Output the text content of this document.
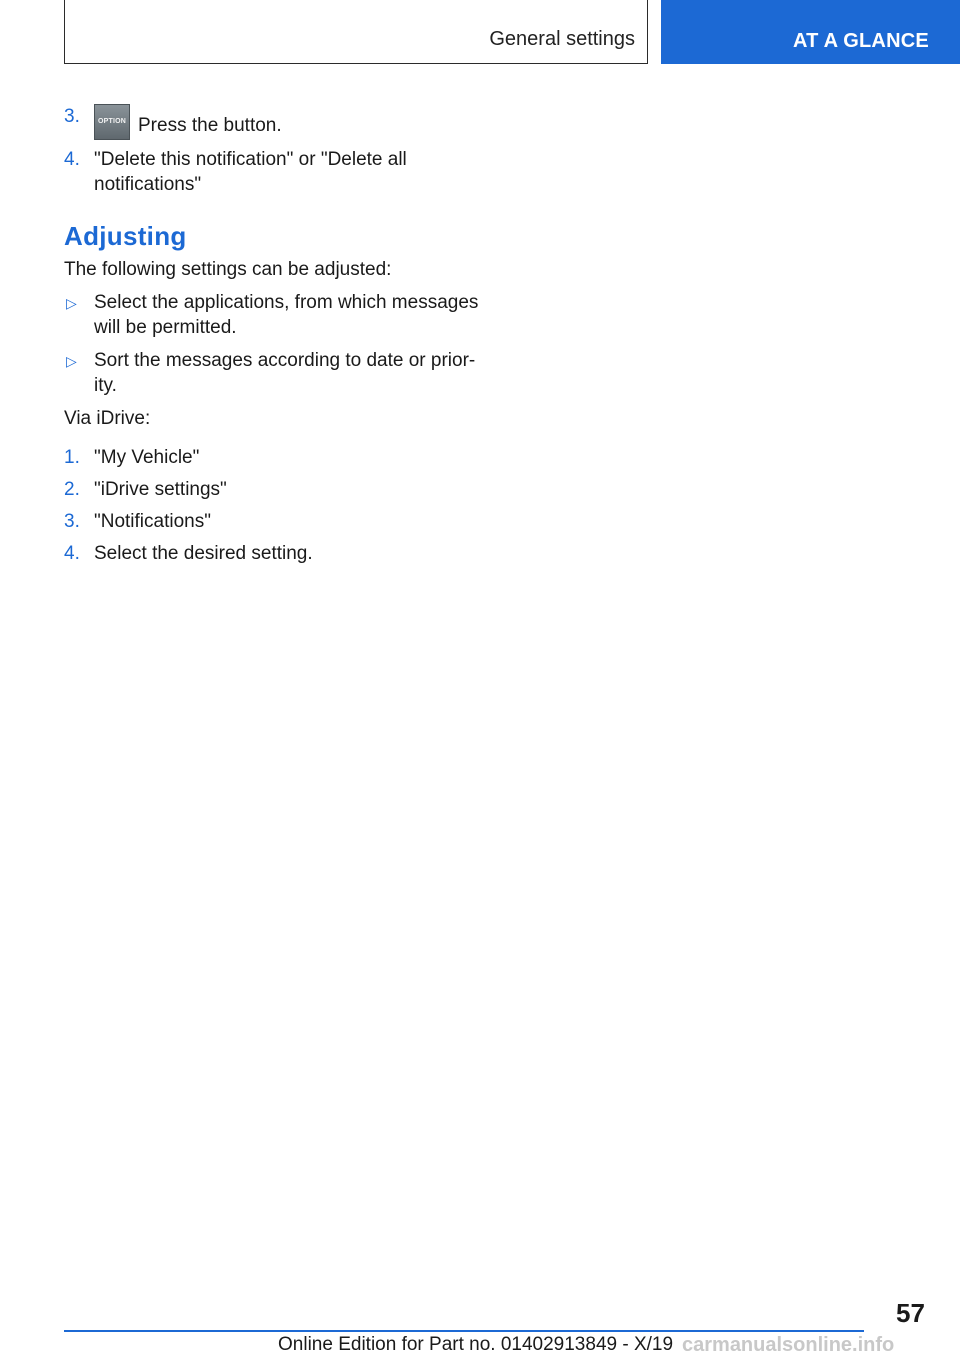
General settings	AT A GLANCE
3.	OPTION Press the button.
4. "Delete this notification" or "Delete all notifications"
Adjusting

The following settings can be adjusted:

▷ Select the applications, from which messages will be permitted.
▷ Sort the messages according to date or priority.

Via iDrive:

1. "My Vehicle"
2. "iDrive settings"
3. "Notifications"
4. Select the desired setting.
57
Online Edition for Part no. 01402913849 - X/19 carmanualsonline.info
